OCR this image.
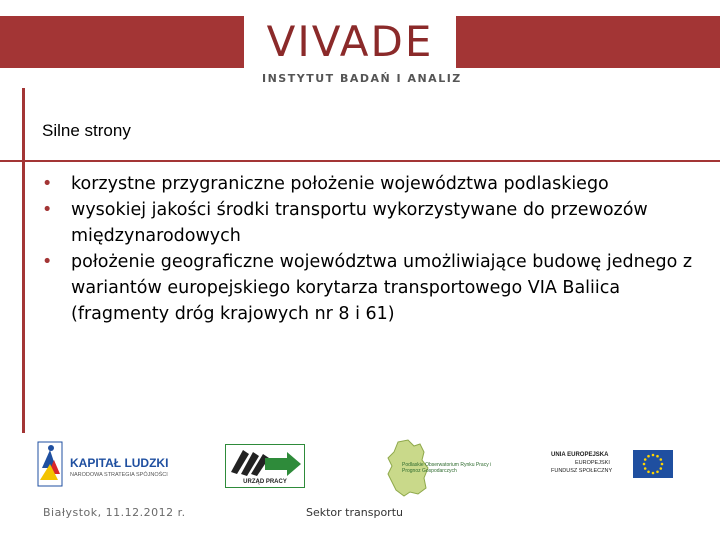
VIVADE
INSTYTUT BADAŃ I ANALIZ
Silne strony
• korzystne przygraniczne położenie województwa podlaskiego
• wysokiej jakości środki transportu wykorzystywane do przewozów międzynarodowych
• położenie geograficzne województwa umożliwiające budowę jednego z wariantów europejskiego korytarza transportowego VIA Baliica (fragmenty dróg krajowych nr 8 i 61)
KAPITAŁ LUDZKI
NARODOWA STRATEGIA SPÓJNOŚCI
URZĄD PRACY
Podlaskie Obserwatorium Rynku Pracy i Prognoz Gospodarczych
UNIA EUROPEJSKA
EUROPEJSKI
FUNDUSZ SPOŁECZNY
Białystok, 11.12.2012 r.	Sektor transportu
